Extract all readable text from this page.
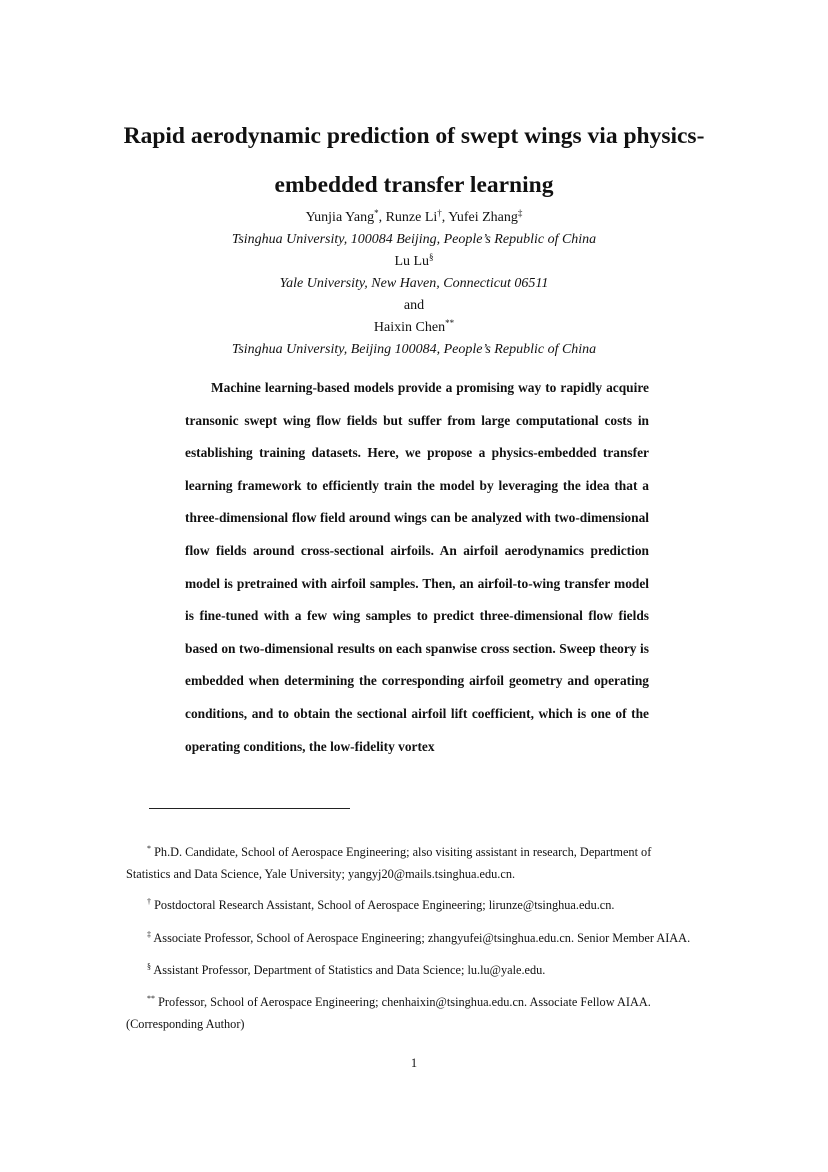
Rapid aerodynamic prediction of swept wings via physics-embedded transfer learning
Yunjia Yang*, Runze Li†, Yufei Zhang‡
Tsinghua University, 100084 Beijing, People’s Republic of China
Lu Lu§
Yale University, New Haven, Connecticut 06511
and
Haixin Chen**
Tsinghua University, Beijing 100084, People’s Republic of China

Machine learning-based models provide a promising way to rapidly acquire transonic swept wing flow fields but suffer from large computational costs in establishing training datasets. Here, we propose a physics-embedded transfer learning framework to efficiently train the model by leveraging the idea that a three-dimensional flow field around wings can be analyzed with two-dimensional flow fields around cross-sectional airfoils. An airfoil aerodynamics prediction model is pretrained with airfoil samples. Then, an airfoil-to-wing transfer model is fine-tuned with a few wing samples to predict three-dimensional flow fields based on two-dimensional results on each spanwise cross section. Sweep theory is embedded when determining the corresponding airfoil geometry and operating conditions, and to obtain the sectional airfoil lift coefficient, which is one of the operating conditions, the low-fidelity vortex

* Ph.D. Candidate, School of Aerospace Engineering; also visiting assistant in research, Department of
Statistics and Data Science, Yale University; yangyj20@mails.tsinghua.edu.cn.

† Postdoctoral Research Assistant, School of Aerospace Engineering; lirunze@tsinghua.edu.cn.

‡ Associate Professor, School of Aerospace Engineering; zhangyufei@tsinghua.edu.cn. Senior Member AIAA.

§ Assistant Professor, Department of Statistics and Data Science; lu.lu@yale.edu.

** Professor, School of Aerospace Engineering; chenhaixin@tsinghua.edu.cn. Associate Fellow AIAA.
(Corresponding Author)

1
